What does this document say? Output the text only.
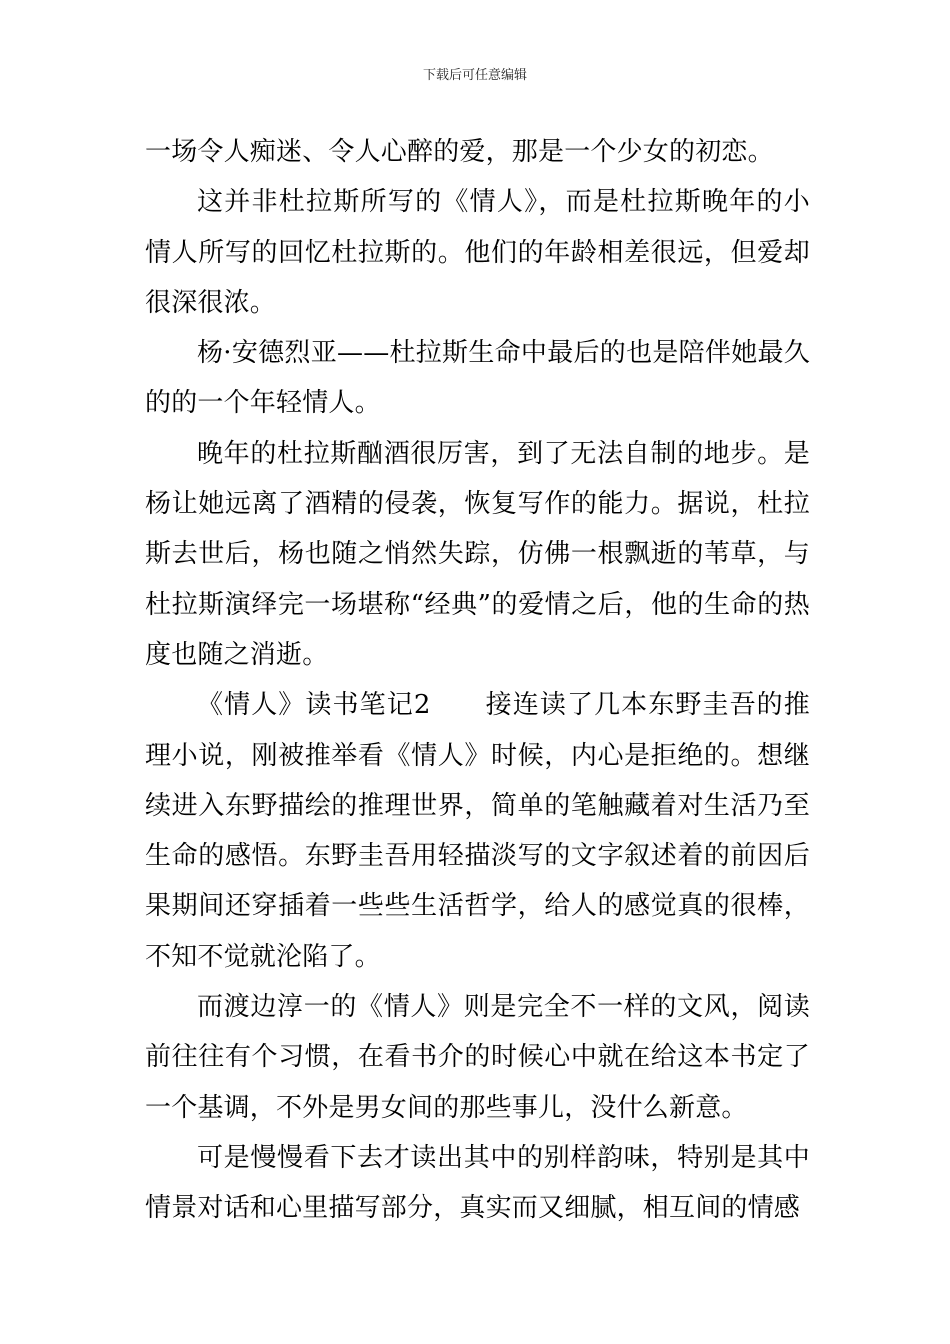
下载后可任意编辑

一场令人痴迷、令人心醉的爱，那是一个少女的初恋。

这并非杜拉斯所写的《情人》，而是杜拉斯晚年的小情人所写的回忆杜拉斯的。他们的年龄相差很远，但爱却很深很浓。

杨·安德烈亚——杜拉斯生命中最后的也是陪伴她最久的的一个年轻情人。

晚年的杜拉斯酗酒很厉害，到了无法自制的地步。是杨让她远离了酒精的侵袭，恢复写作的能力。据说，杜拉斯去世后，杨也随之悄然失踪，仿佛一根飘逝的苇草，与杜拉斯演绎完一场堪称“经典”的爱情之后，他的生命的热度也随之消逝。

《情人》读书笔记2　　接连读了几本东野圭吾的推理小说，刚被推举看《情人》时候，内心是拒绝的。想继续进入东野描绘的推理世界，简单的笔触藏着对生活乃至生命的感悟。东野圭吾用轻描淡写的文字叙述着的前因后果期间还穿插着一些些生活哲学，给人的感觉真的很棒，不知不觉就沦陷了。

而渡边淳一的《情人》则是完全不一样的文风，阅读前往往有个习惯，在看书介的时候心中就在给这本书定了一个基调，不外是男女间的那些事儿，没什么新意。

可是慢慢看下去才读出其中的别样韵味，特别是其中情景对话和心里描写部分，真实而又细腻，相互间的情感
